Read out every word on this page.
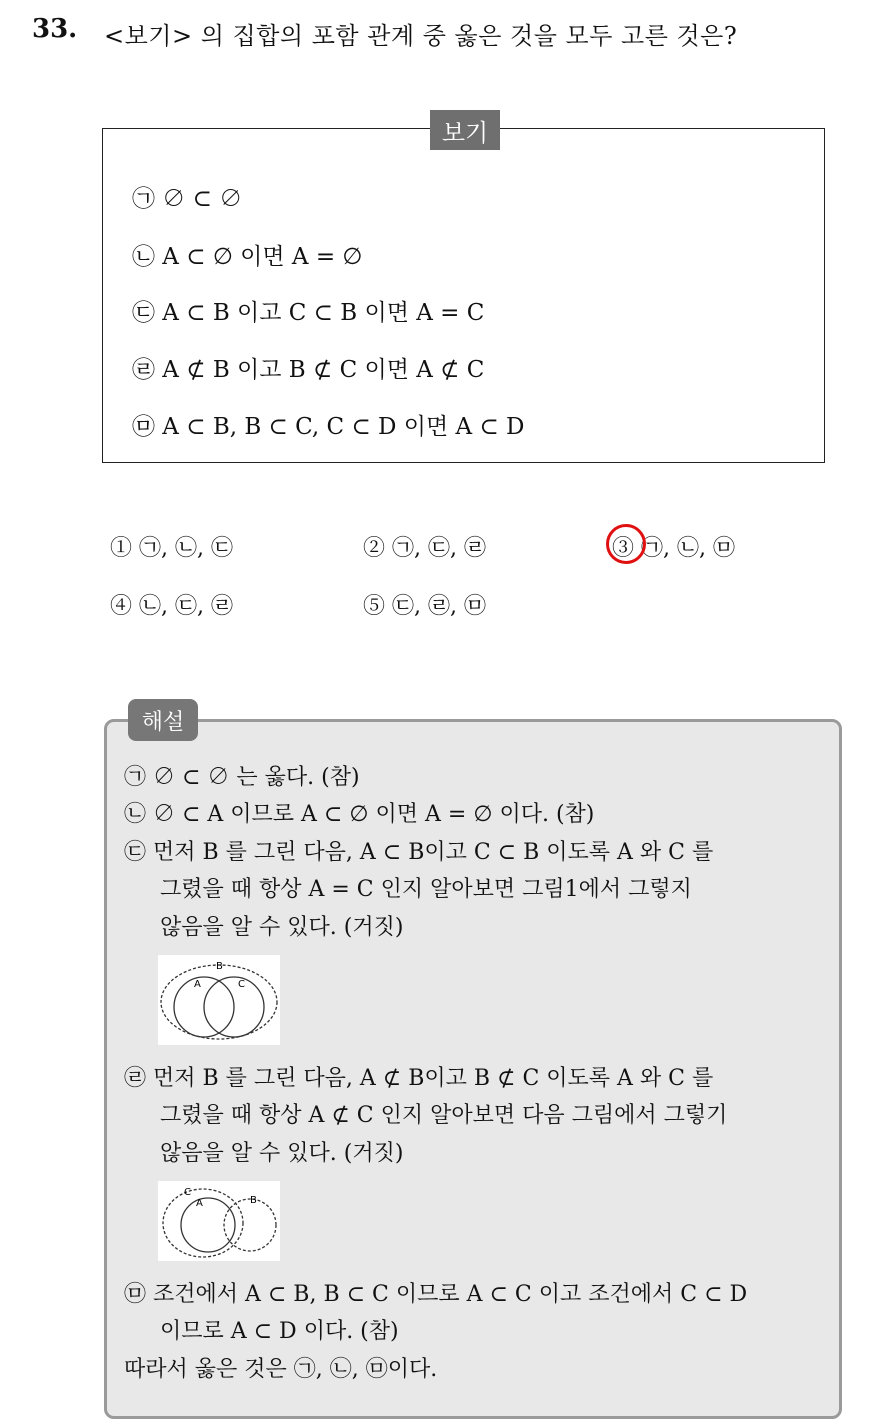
33. <보기> 의 집합의 포함 관계 중 옳은 것을 모두 고른 것은?
보기
㉠ ∅ ⊂ ∅
㉡ A ⊂ ∅ 이면 A = ∅
㉢ A ⊂ B 이고 C ⊂ B 이면 A = C
㉣ A ⊄ B 이고 B ⊄ C 이면 A ⊄ C
㉤ A ⊂ B, B ⊂ C, C ⊂ D 이면 A ⊂ D
① ㉠, ㉡, ㉢	② ㉠, ㉢, ㉣	③ ㉠, ㉡, ㉤
④ ㉡, ㉢, ㉣	⑤ ㉢, ㉣, ㉤
해설
㉠ ∅ ⊂ ∅ 는 옳다. (참)
㉡ ∅ ⊂ A 이므로 A ⊂ ∅ 이면 A = ∅ 이다. (참)
㉢ 먼저 B 를 그린 다음, A ⊂ B이고 C ⊂ B 이도록 A 와 C 를
그렸을 때 항상 A = C 인지 알아보면 그림1에서 그렇지
않음을 알 수 있다. (거짓)
B
A	C
㉣ 먼저 B 를 그린 다음, A ⊄ B이고 B ⊄ C 이도록 A 와 C 를
그렸을 때 항상 A ⊄ C 인지 알아보면 다음 그림에서 그렇기
않음을 알 수 있다. (거짓)
C
A	B
㉤ 조건에서 A ⊂ B, B ⊂ C 이므로 A ⊂ C 이고 조건에서 C ⊂ D
이므로 A ⊂ D 이다. (참)
따라서 옳은 것은 ㉠, ㉡, ㉤이다.
